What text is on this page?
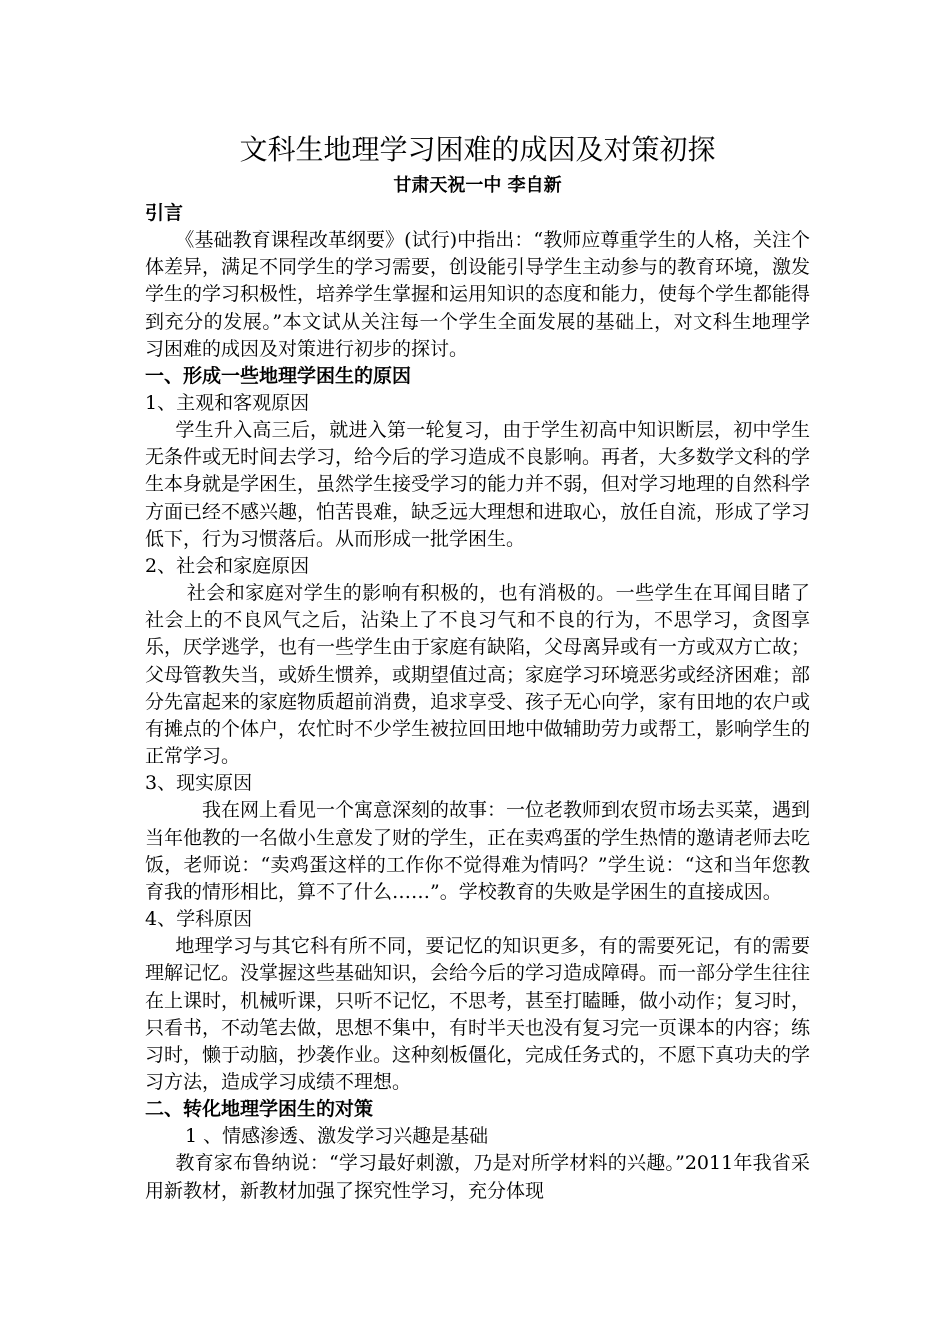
文科生地理学习困难的成因及对策初探

甘肃天祝一中 李自新

引言

《基础教育课程改革纲要》(试行)中指出：“教师应尊重学生的人格，关注个体差异，满足不同学生的学习需要，创设能引导学生主动参与的教育环境，激发学生的学习积极性，培养学生掌握和运用知识的态度和能力，使每个学生都能得到充分的发展。”本文试从关注每一个学生全面发展的基础上，对文科生地理学习困难的成因及对策进行初步的探讨。

一、形成一些地理学困生的原因

1、主观和客观原因

学生升入高三后，就进入第一轮复习，由于学生初高中知识断层，初中学生无条件或无时间去学习，给今后的学习造成不良影响。再者，大多数学文科的学生本身就是学困生，虽然学生接受学习的能力并不弱，但对学习地理的自然科学方面已经不感兴趣，怕苦畏难，缺乏远大理想和进取心，放任自流，形成了学习低下，行为习惯落后。从而形成一批学困生。

2、社会和家庭原因

社会和家庭对学生的影响有积极的，也有消极的。一些学生在耳闻目睹了社会上的不良风气之后，沾染上了不良习气和不良的行为，不思学习，贪图享乐，厌学逃学，也有一些学生由于家庭有缺陷，父母离异或有一方或双方亡故；父母管教失当，或娇生惯养，或期望值过高；家庭学习环境恶劣或经济困难；部分先富起来的家庭物质超前消费，追求享受、孩子无心向学，家有田地的农户或有摊点的个体户，农忙时不少学生被拉回田地中做辅助劳力或帮工，影响学生的正常学习。

3、现实原因

我在网上看见一个寓意深刻的故事：一位老教师到农贸市场去买菜，遇到当年他教的一名做小生意发了财的学生，正在卖鸡蛋的学生热情的邀请老师去吃饭，老师说：“卖鸡蛋这样的工作你不觉得难为情吗？”学生说：“这和当年您教育我的情形相比，算不了什么……”。学校教育的失败是学困生的直接成因。

4、学科原因

地理学习与其它科有所不同，要记忆的知识更多，有的需要死记，有的需要理解记忆。没掌握这些基础知识，会给今后的学习造成障碍。而一部分学生往往在上课时，机械听课，只听不记忆，不思考，甚至打瞌睡，做小动作；复习时，只看书，不动笔去做，思想不集中，有时半天也没有复习完一页课本的内容；练习时，懒于动脑，抄袭作业。这种刻板僵化，完成任务式的，不愿下真功夫的学习方法，造成学习成绩不理想。

二、转化地理学困生的对策

1 、情感渗透、激发学习兴趣是基础

教育家布鲁纳说：“学习最好刺激，乃是对所学材料的兴趣。”2011年我省采用新教材，新教材加强了探究性学习，充分体现
